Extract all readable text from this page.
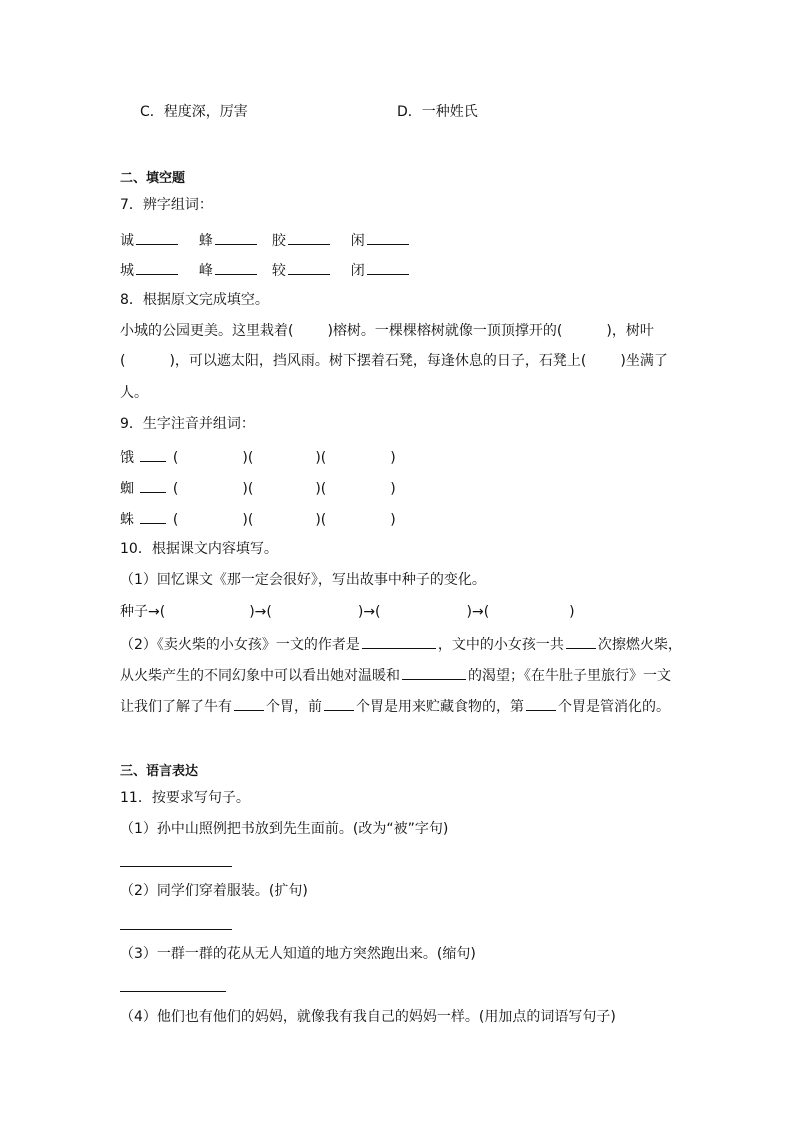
C．程度深，厉害	D．一种姓氏
二、填空题
7．辨字组词：
诚	蜂	胶	闲
城	峰	较	闭
8．根据原文完成填空。
小城的公园更美。这里栽着( )榕树。一棵棵榕树就像一顶顶撑开的(	)，树叶
(	)，可以遮太阳，挡风雨。树下摆着石凳，每逢休息的日子，石凳上( )坐满了
人。
9．生字注音并组词：
饿	(	)(	)(	)
蜘	(	)(	)(	)
蛛	(	)(	)(	)
10．根据课文内容填写。
（1）回忆课文《那一定会很好》，写出故事中种子的变化。
种子→(	)→(	)→(	)→(	)
（2）《卖火柴的小女孩》一文的作者是	，文中的小女孩一共 次擦燃火柴，
从火柴产生的不同幻象中可以看出她对温暖和	的渴望；《在牛肚子里旅行》一文
让我们了解了牛有 个胃，前 个胃是用来贮藏食物的，第 个胃是管消化的。
三、语言表达
11．按要求写句子。
（1）孙中山照例把书放到先生面前。(改为“被”字句)
（2）同学们穿着服装。(扩句)
（3）一群一群的花从无人知道的地方突然跑出来。(缩句)
（4）他们也有他们的妈妈，就像我有我自己的妈妈一样。(用加点的词语写句子)
